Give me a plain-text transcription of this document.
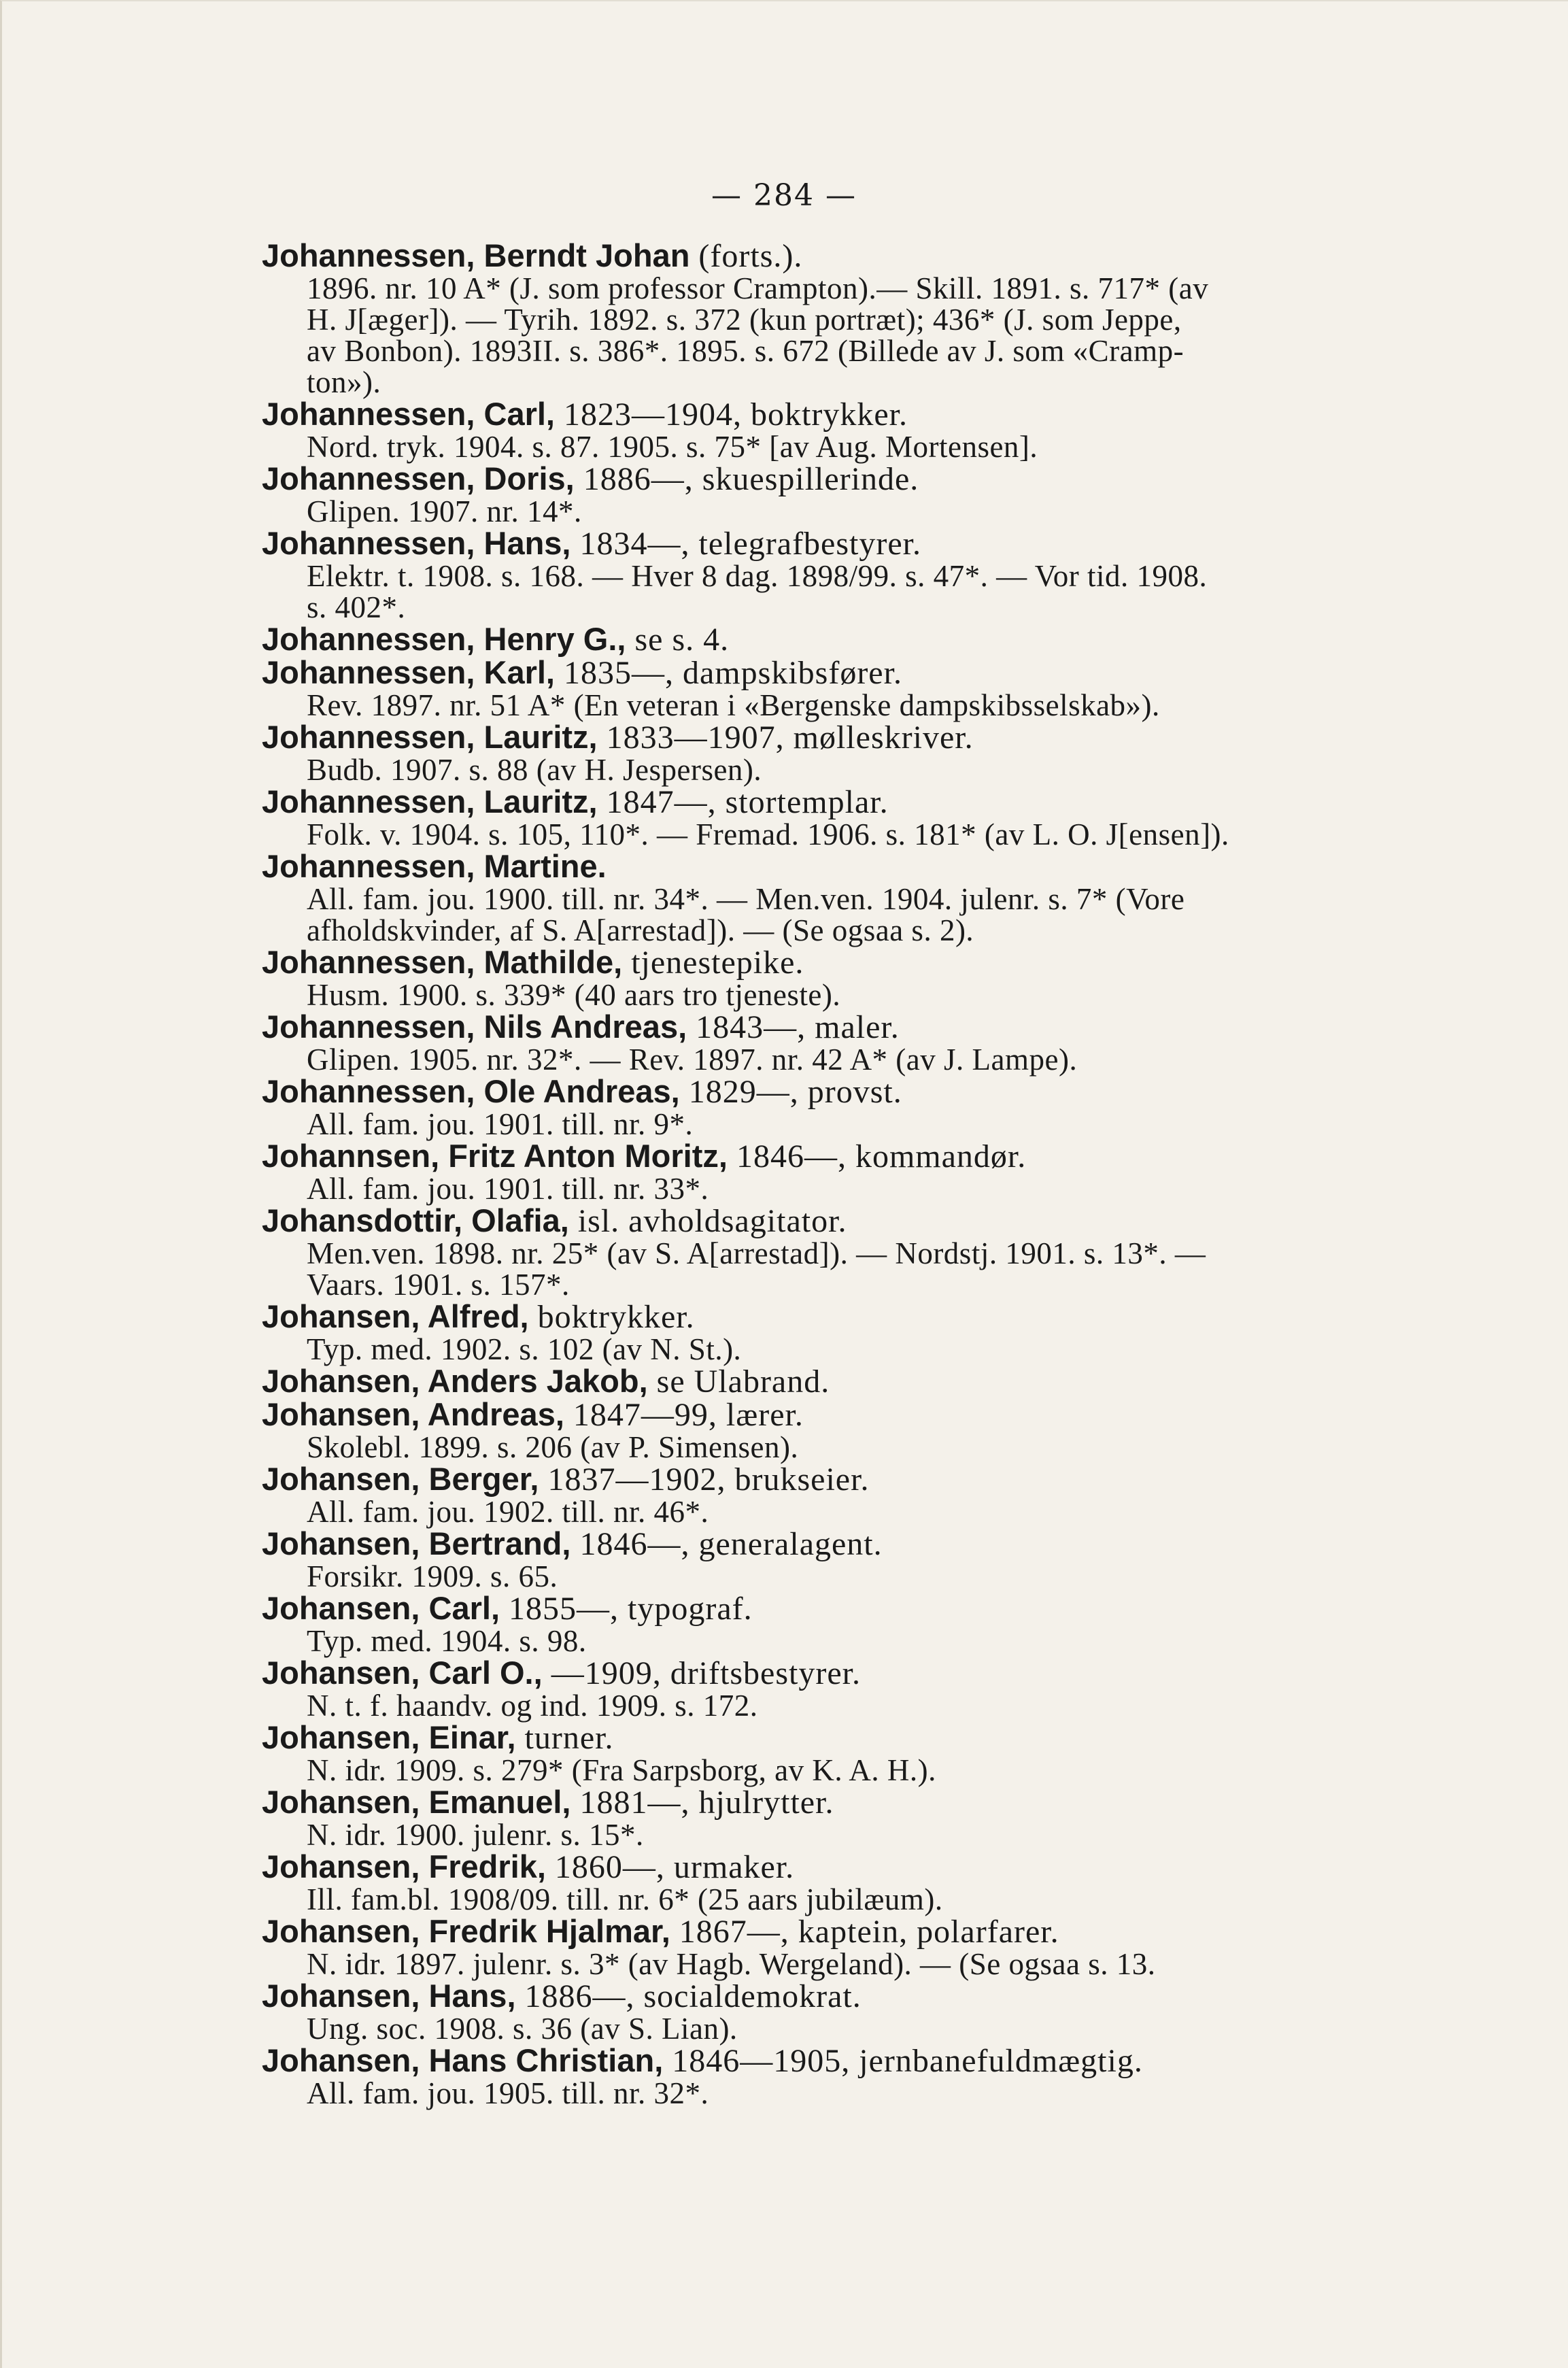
— 284 —
Johannessen, Berndt Johan (forts.).
1896. nr. 10 A* (J. som professor Crampton).— Skill. 1891. s. 717* (av
H. J[æger]). — Tyrih. 1892. s. 372 (kun portræt); 436* (J. som Jeppe,
av Bonbon). 1893II. s. 386*. 1895. s. 672 (Billede av J. som «Cramp-
ton»).
Johannessen, Carl, 1823—1904, boktrykker.
Nord. tryk. 1904. s. 87. 1905. s. 75* [av Aug. Mortensen].
Johannessen, Doris, 1886—, skuespillerinde.
Glipen. 1907. nr. 14*.
Johannessen, Hans, 1834—, telegrafbestyrer.
Elektr. t. 1908. s. 168. — Hver 8 dag. 1898/99. s. 47*. — Vor tid. 1908.
s. 402*.
Johannessen, Henry G., se s. 4.
Johannessen, Karl, 1835—, dampskibsfører.
Rev. 1897. nr. 51 A* (En veteran i «Bergenske dampskibsselskab»).
Johannessen, Lauritz, 1833—1907, mølleskriver.
Budb. 1907. s. 88 (av H. Jespersen).
Johannessen, Lauritz, 1847—, stortemplar.
Folk. v. 1904. s. 105, 110*. — Fremad. 1906. s. 181* (av L. O. J[ensen]).
Johannessen, Martine.
All. fam. jou. 1900. till. nr. 34*. — Men.ven. 1904. julenr. s. 7* (Vore
afholdskvinder, af S. A[arrestad]). — (Se ogsaa s. 2).
Johannessen, Mathilde, tjenestepike.
Husm. 1900. s. 339* (40 aars tro tjeneste).
Johannessen, Nils Andreas, 1843—, maler.
Glipen. 1905. nr. 32*. — Rev. 1897. nr. 42 A* (av J. Lampe).
Johannessen, Ole Andreas, 1829—, provst.
All. fam. jou. 1901. till. nr. 9*.
Johannsen, Fritz Anton Moritz, 1846—, kommandør.
All. fam. jou. 1901. till. nr. 33*.
Johansdottir, Olafia, isl. avholdsagitator.
Men.ven. 1898. nr. 25* (av S. A[arrestad]). — Nordstj. 1901. s. 13*. —
Vaars. 1901. s. 157*.
Johansen, Alfred, boktrykker.
Typ. med. 1902. s. 102 (av N. St.).
Johansen, Anders Jakob, se Ulabrand.
Johansen, Andreas, 1847—99, lærer.
Skolebl. 1899. s. 206 (av P. Simensen).
Johansen, Berger, 1837—1902, brukseier.
All. fam. jou. 1902. till. nr. 46*.
Johansen, Bertrand, 1846—, generalagent.
Forsikr. 1909. s. 65.
Johansen, Carl, 1855—, typograf.
Typ. med. 1904. s. 98.
Johansen, Carl O., —1909, driftsbestyrer.
N. t. f. haandv. og ind. 1909. s. 172.
Johansen, Einar, turner.
N. idr. 1909. s. 279* (Fra Sarpsborg, av K. A. H.).
Johansen, Emanuel, 1881—, hjulrytter.
N. idr. 1900. julenr. s. 15*.
Johansen, Fredrik, 1860—, urmaker.
Ill. fam.bl. 1908/09. till. nr. 6* (25 aars jubilæum).
Johansen, Fredrik Hjalmar, 1867—, kaptein, polarfarer.
N. idr. 1897. julenr. s. 3* (av Hagb. Wergeland). — (Se ogsaa s. 13.
Johansen, Hans, 1886—, socialdemokrat.
Ung. soc. 1908. s. 36 (av S. Lian).
Johansen, Hans Christian, 1846—1905, jernbanefuldmægtig.
All. fam. jou. 1905. till. nr. 32*.
